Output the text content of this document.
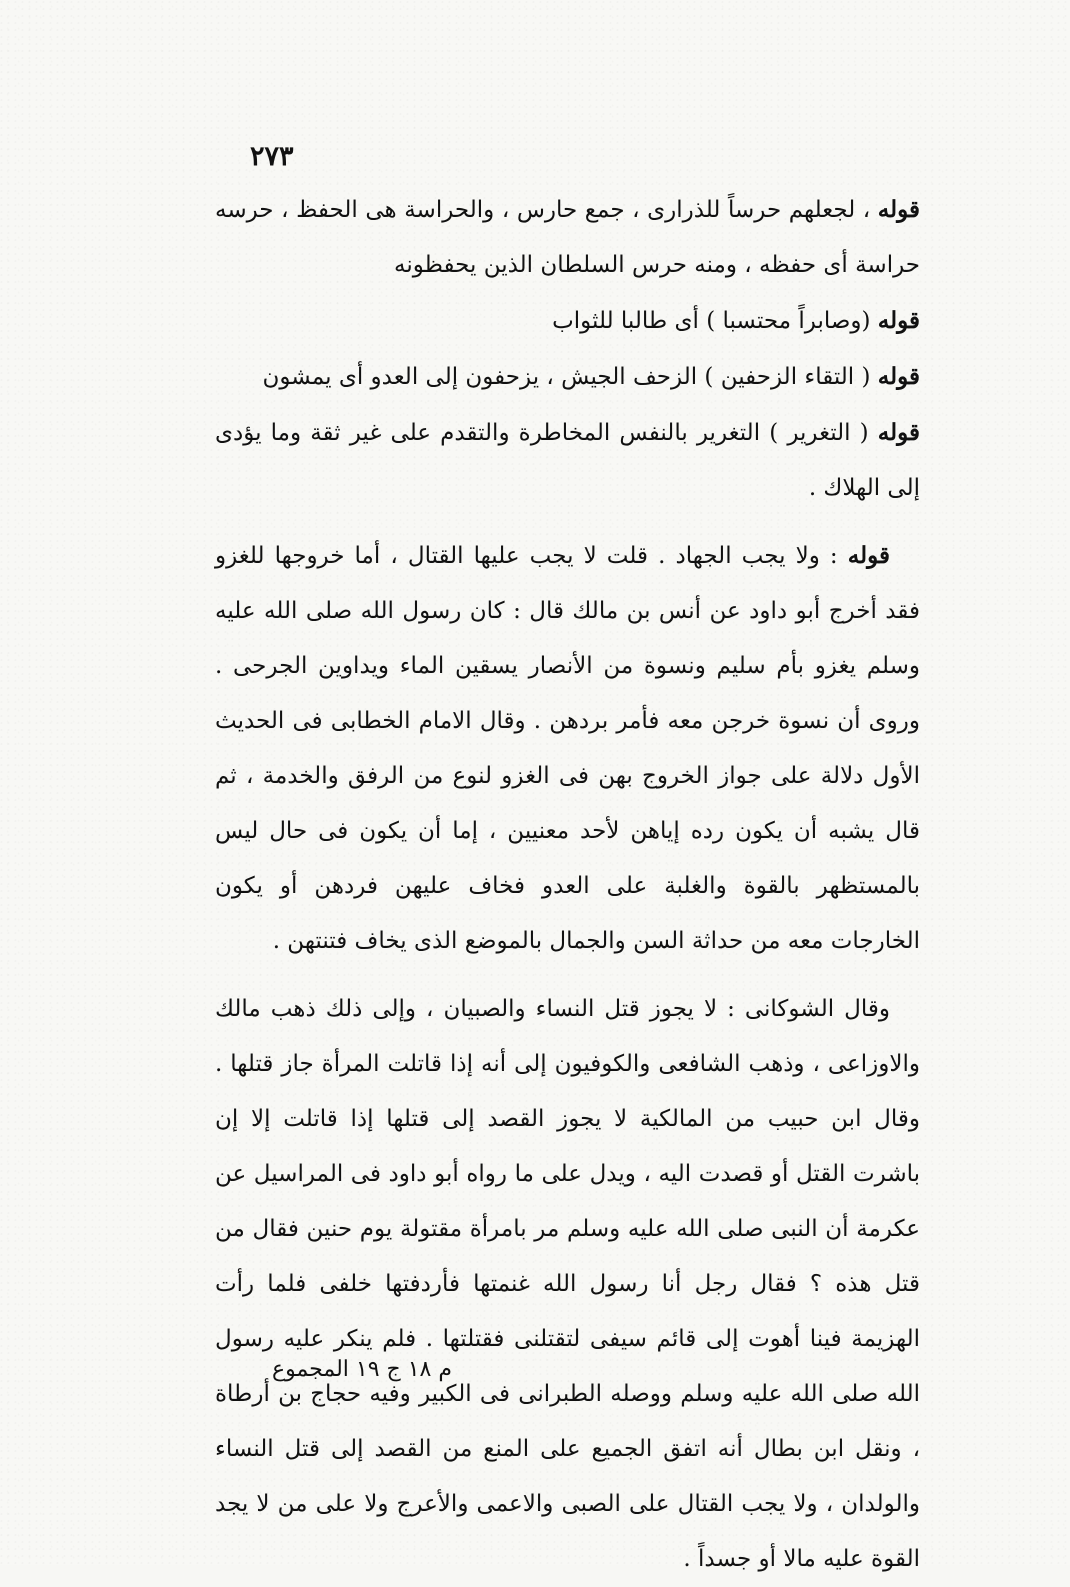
٢٧٣

قوله ، لجعلهم حرساً للذرارى ، جمع حارس ، والحراسة هى الحفظ ، حرسه حراسة أى حفظه ، ومنه حرس السلطان الذين يحفظونه

قوله (وصابراً محتسبا ) أى طالبا للثواب

قوله ( التقاء الزحفين ) الزحف الجيش ، يزحفون إلى العدو أى يمشون

قوله ( التغرير ) التغرير بالنفس المخاطرة والتقدم على غير ثقة وما يؤدى إلى الهلاك .

قوله : ولا يجب الجهاد . قلت لا يجب عليها القتال ، أما خروجها للغزو فقد أخرج أبو داود عن أنس بن مالك قال : كان رسول الله صلى الله عليه وسلم يغزو بأم سليم ونسوة من الأنصار يسقين الماء ويداوين الجرحى . وروى أن نسوة خرجن معه فأمر بردهن . وقال الامام الخطابى فى الحديث الأول دلالة على جواز الخروج بهن فى الغزو لنوع من الرفق والخدمة ، ثم قال يشبه أن يكون رده إياهن لأحد معنيين ، إما أن يكون فى حال ليس بالمستظهر بالقوة والغلبة على العدو فخاف عليهن فردهن أو يكون الخارجات معه من حداثة السن والجمال بالموضع الذى يخاف فتنتهن .

وقال الشوكانى : لا يجوز قتل النساء والصبيان ، وإلى ذلك ذهب مالك والاوزاعى ، وذهب الشافعى والكوفيون إلى أنه إذا قاتلت المرأة جاز قتلها . وقال ابن حبيب من المالكية لا يجوز القصد إلى قتلها إذا قاتلت إلا إن باشرت القتل أو قصدت اليه ، ويدل على ما رواه أبو داود فى المراسيل عن عكرمة أن النبى صلى الله عليه وسلم مر بامرأة مقتولة يوم حنين فقال من قتل هذه ؟ فقال رجل أنا رسول الله غنمتها فأردفتها خلفى فلما رأت الهزيمة فينا أهوت إلى قائم سيفى لتقتلنى فقتلتها . فلم ينكر عليه رسول الله صلى الله عليه وسلم ووصله الطبرانى فى الكبير وفيه حجاج بن أرطاة ، ونقل ابن بطال أنه اتفق الجميع على المنع من القصد إلى قتل النساء والولدان ، ولا يجب القتال على الصبى والاعمى والأعرج ولا على من لا يجد القوة عليه مالا أو جسداً .

م ١٨ ج ١٩ المجموع
